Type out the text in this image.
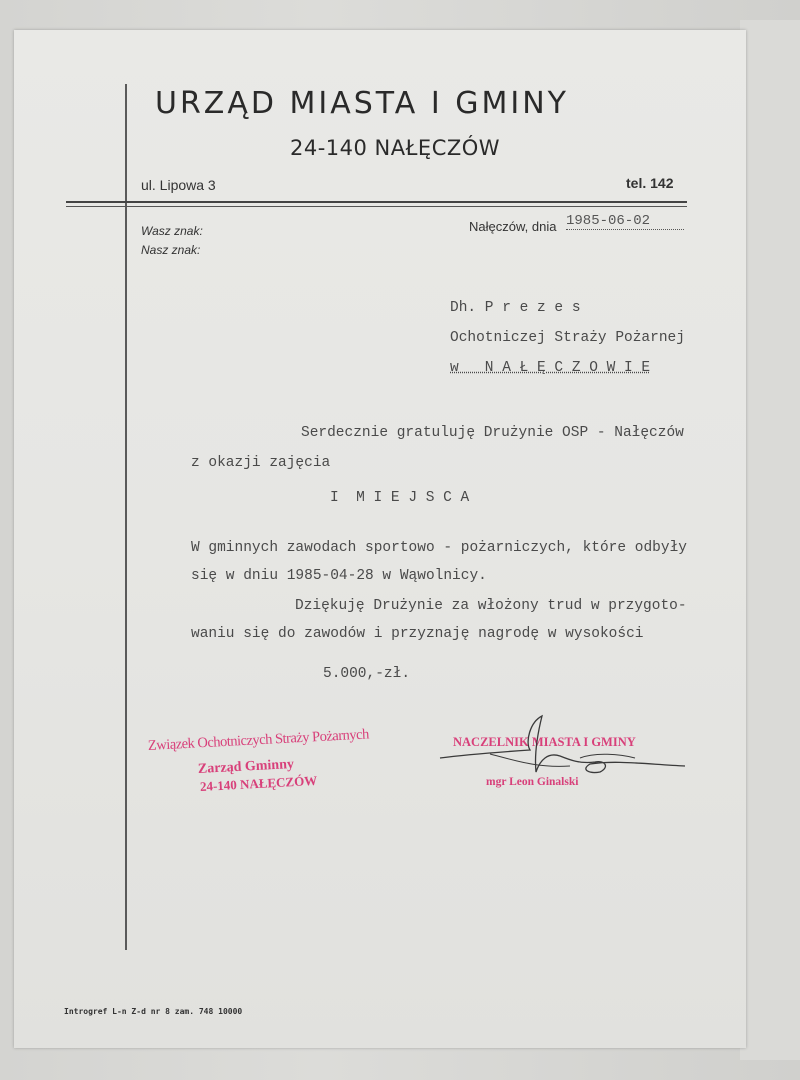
URZĄD MIASTA I GMINY
24-140 NAŁĘCZÓW
ul. Lipowa 3	tel. 142
Wasz znak:
Nasz znak:
Nałęczów, dnia 1985-06-02
Dh. P r e z e s
Ochotniczej Straży Pożarnej
w   N A Ł Ę C Z O W I E
Serdecznie gratuluję Drużynie OSP - Nałęczów
z okazji zajęcia
I  M I E J S C A
W gminnych zawodach sportowo - pożarniczych, które odbyły
się w dniu 1985-04-28 w Wąwolnicy.
Dziękuję Drużynie za włożony trud w przygoto-
waniu się do zawodów i przyznaję nagrodę w wysokości
5.000,-zł.
Związek Ochotniczych Straży Pożarnych
Zarząd Gminny
24-140 NAŁĘCZÓW
NACZELNIK MIASTA I GMINY
mgr Leon Ginalski
Introgref L-n Z-d nr 8 zam. 748 10000
